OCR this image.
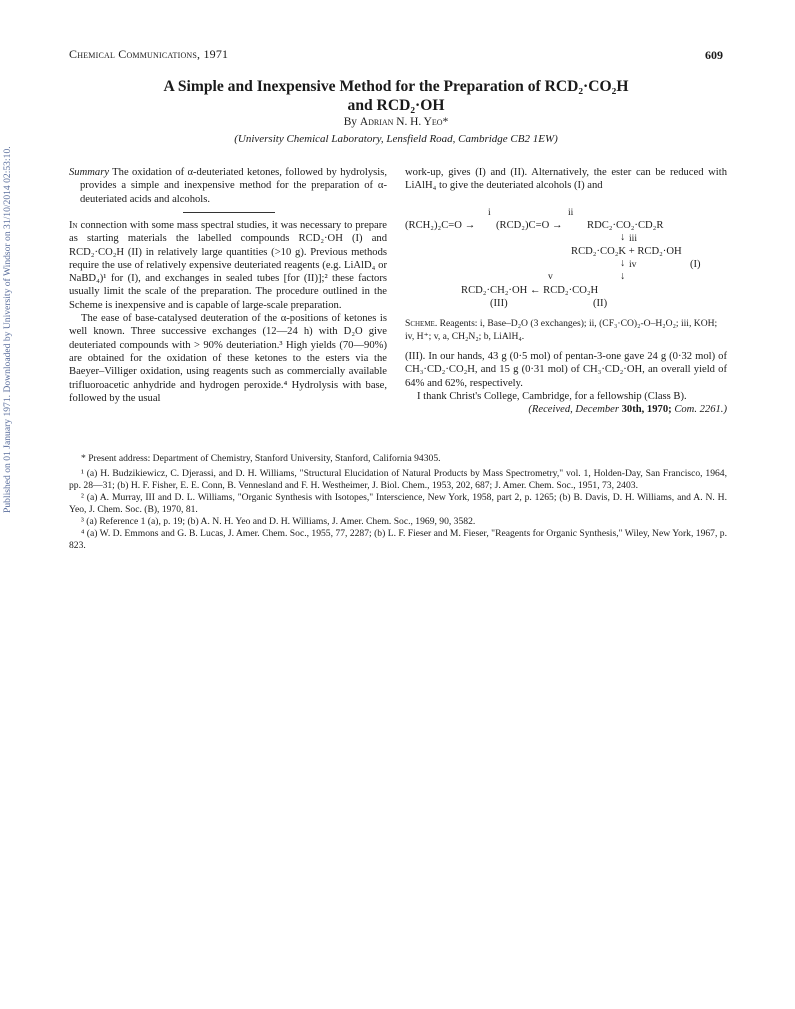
Published on 01 January 1971. Downloaded by University of Windsor on 31/10/2014 02:53:10.
Chemical Communications, 1971	609
A Simple and Inexpensive Method for the Preparation of RCD₂·CO₂H
and RCD₂·OH
By Adrian N. H. Yeo*
(University Chemical Laboratory, Lensfield Road, Cambridge CB2 1EW)

Summary The oxidation of α-deuteriated ketones, followed by hydrolysis, provides a simple and inexpensive method for the preparation of α-deuteriated acids and alcohols.

In connection with some mass spectral studies, it was necessary to prepare as starting materials the labelled compounds RCD₂·OH (I) and RCD₂·CO₂H (II) in relatively large quantities (>10 g). Previous methods require the use of relatively expensive deuteriated reagents (e.g. LiAlD₄ or NaBD₄)¹ for (I), and exchanges in sealed tubes [for (II)];² these factors usually limit the scale of the preparation. The procedure outlined in the Scheme is inexpensive and is capable of large-scale preparation.

The ease of base-catalysed deuteration of the α-positions of ketones is well known. Three successive exchanges (12—24 h) with D₂O give deuteriated compounds with > 90% deuteriation.³ High yields (70—90%) are obtained for the oxidation of these ketones to the esters via the Baeyer–Villiger oxidation, using reagents such as commercially available trifluoroacetic anhydride and hydrogen peroxide.⁴ Hydrolysis with base, followed by the usual

work-up, gives (I) and (II). Alternatively, the ester can be reduced with LiAlH₄ to give the deuteriated alcohols (I) and
i	ii
(RCH₂)₂C=O → (RCD₂)C=O → RDC₂·CO₂·CD₂R
↓ iii
RCD₂·CO₂K + RCD₂·OH
(I)
↓ iv
v	↓
RCD₂·CH₂·OH ← RCD₂·CO₂H
(III)	(II)
Scheme. Reagents: i, Base–D₂O (3 exchanges); ii, (CF₃·CO)₂-O–H₂O₂; iii, KOH; iv, H⁺; v, a, CH₂N₂; b, LiAlH₄.

(III). In our hands, 43 g (0·5 mol) of pentan-3-one gave 24 g (0·32 mol) of CH₃·CD₂·CO₂H, and 15 g (0·31 mol) of CH₃·CD₂·OH, an overall yield of 64% and 62%, respectively.

I thank Christ's College, Cambridge, for a fellowship (Class B).

(Received, December 30th, 1970; Com. 2261.)

* Present address: Department of Chemistry, Stanford University, Stanford, California 94305.

¹ (a) H. Budzikiewicz, C. Djerassi, and D. H. Williams, "Structural Elucidation of Natural Products by Mass Spectrometry," vol. 1, Holden-Day, San Francisco, 1964, pp. 28—31; (b) H. F. Fisher, E. E. Conn, B. Vennesland and F. H. Westheimer, J. Biol. Chem., 1953, 202, 687; J. Amer. Chem. Soc., 1951, 73, 2403.

² (a) A. Murray, III and D. L. Williams, "Organic Synthesis with Isotopes," Interscience, New York, 1958, part 2, p. 1265; (b) B. Davis, D. H. Williams, and A. N. H. Yeo, J. Chem. Soc. (B), 1970, 81.

³ (a) Reference 1 (a), p. 19; (b) A. N. H. Yeo and D. H. Williams, J. Amer. Chem. Soc., 1969, 90, 3582.

⁴ (a) W. D. Emmons and G. B. Lucas, J. Amer. Chem. Soc., 1955, 77, 2287; (b) L. F. Fieser and M. Fieser, "Reagents for Organic Synthesis," Wiley, New York, 1967, p. 823.
